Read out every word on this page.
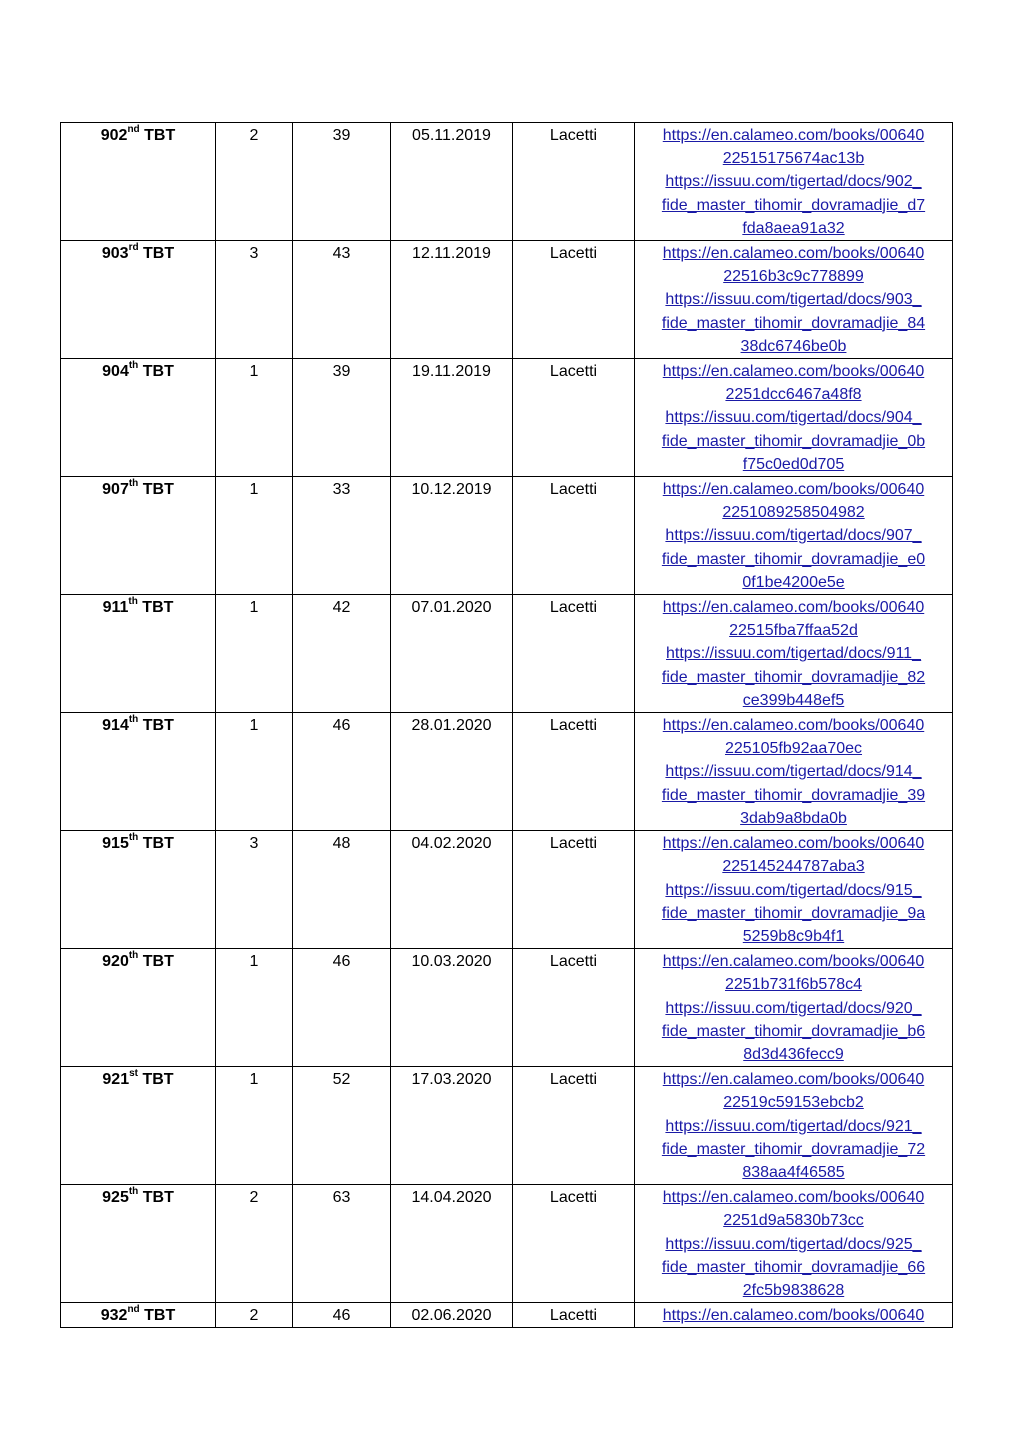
902nd TBT	2	39	05.11.2019	Lacetti	https://en.calameo.com/books/00640
22515175674ac13b
https://issuu.com/tigertad/docs/902_
fide_master_tihomir_dovramadjie_d7
fda8aea91a32

903rd TBT	3	43	12.11.2019	Lacetti	https://en.calameo.com/books/00640
22516b3c9c778899
https://issuu.com/tigertad/docs/903_
fide_master_tihomir_dovramadjie_84
38dc6746be0b

904th TBT	1	39	19.11.2019	Lacetti	https://en.calameo.com/books/00640
2251dcc6467a48f8
https://issuu.com/tigertad/docs/904_
fide_master_tihomir_dovramadjie_0b
f75c0ed0d705

907th TBT	1	33	10.12.2019	Lacetti	https://en.calameo.com/books/00640
2251089258504982
https://issuu.com/tigertad/docs/907_
fide_master_tihomir_dovramadjie_e0
0f1be4200e5e

911th TBT	1	42	07.01.2020	Lacetti	https://en.calameo.com/books/00640
22515fba7ffaa52d
https://issuu.com/tigertad/docs/911_
fide_master_tihomir_dovramadjie_82
ce399b448ef5

914th TBT	1	46	28.01.2020	Lacetti	https://en.calameo.com/books/00640
225105fb92aa70ec
https://issuu.com/tigertad/docs/914_
fide_master_tihomir_dovramadjie_39
3dab9a8bda0b

915th TBT	3	48	04.02.2020	Lacetti	https://en.calameo.com/books/00640
225145244787aba3
https://issuu.com/tigertad/docs/915_
fide_master_tihomir_dovramadjie_9a
5259b8c9b4f1

920th TBT	1	46	10.03.2020	Lacetti	https://en.calameo.com/books/00640
2251b731f6b578c4
https://issuu.com/tigertad/docs/920_
fide_master_tihomir_dovramadjie_b6
8d3d436fecc9

921st TBT	1	52	17.03.2020	Lacetti	https://en.calameo.com/books/00640
22519c59153ebcb2
https://issuu.com/tigertad/docs/921_
fide_master_tihomir_dovramadjie_72
838aa4f46585

925th TBT	2	63	14.04.2020	Lacetti	https://en.calameo.com/books/00640
2251d9a5830b73cc
https://issuu.com/tigertad/docs/925_
fide_master_tihomir_dovramadjie_66
2fc5b9838628

932nd TBT	2	46	02.06.2020	Lacetti	https://en.calameo.com/books/00640
